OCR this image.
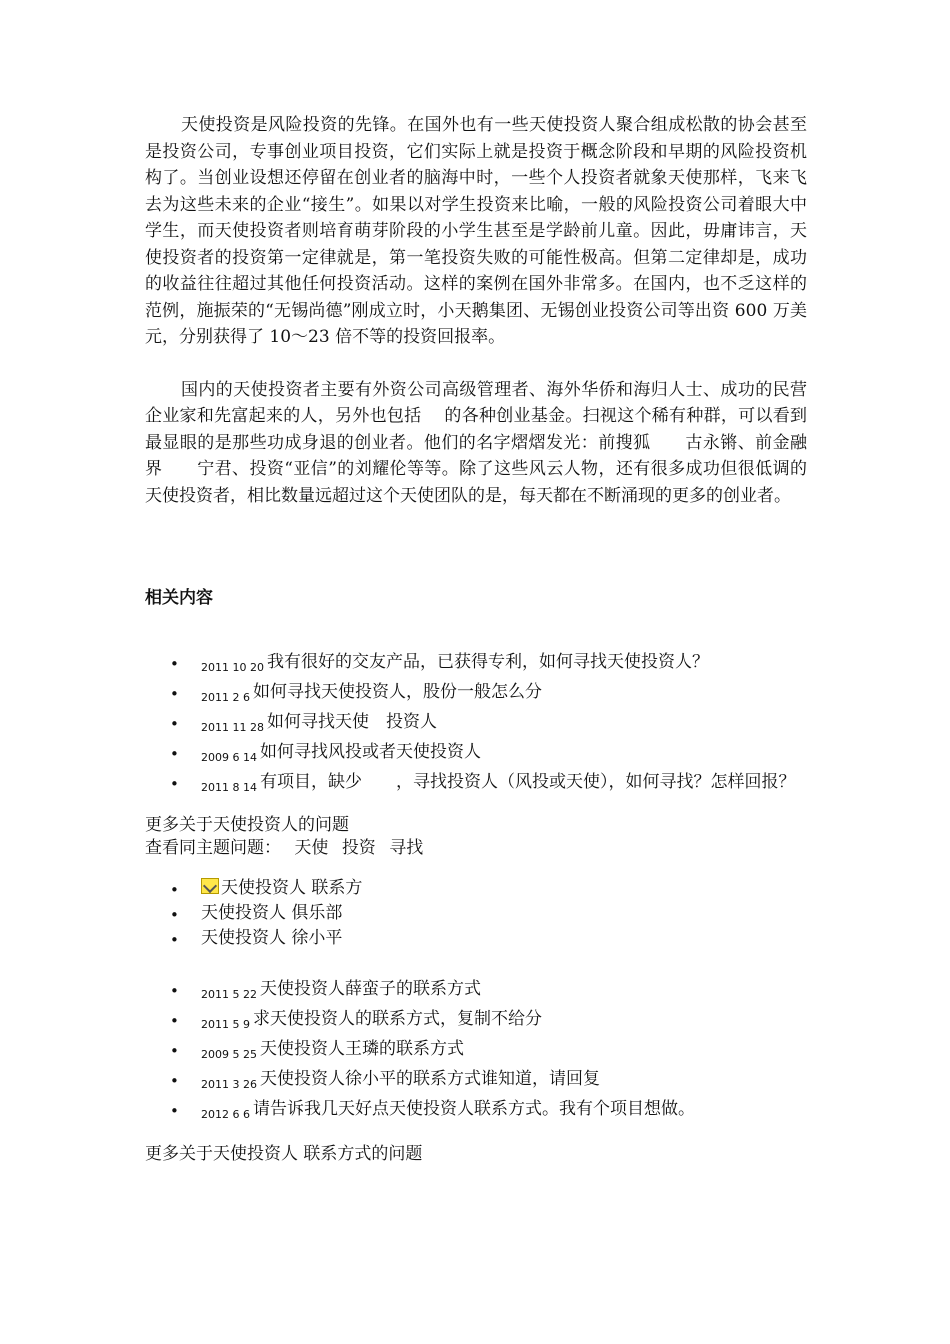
天使投资是风险投资的先锋。在国外也有一些天使投资人聚合组成松散的协会甚至是投资公司，专事创业项目投资，它们实际上就是投资于概念阶段和早期的风险投资机构了。当创业设想还停留在创业者的脑海中时，一些个人投资者就象天使那样，飞来飞去为这些未来的企业“接生”。如果以对学生投资来比喻，一般的风险投资公司着眼大中学生，而天使投资者则培育萌芽阶段的小学生甚至是学龄前儿童。因此，毋庸讳言，天使投资者的投资第一定律就是，第一笔投资失败的可能性极高。但第二定律却是，成功的收益往往超过其他任何投资活动。这样的案例在国外非常多。在国内，也不乏这样的范例，施振荣的“无锡尚德”刚成立时，小天鹅集团、无锡创业投资公司等出资 600 万美元，分别获得了 10～23 倍不等的投资回报率。

国内的天使投资者主要有外资公司高级管理者、海外华侨和海归人士、成功的民营企业家和先富起来的人，另外也包括　 的各种创业基金。扫视这个稀有种群，可以看到最显眼的是那些功成身退的创业者。他们的名字熠熠发光：前搜狐　　古永锵、前金融界　　宁君、投资“亚信”的刘耀伦等等。除了这些风云人物，还有很多成功但很低调的天使投资者，相比数量远超过这个天使团队的是，每天都在不断涌现的更多的创业者。

相关内容
• $_{2011 10 20}$ 我有很好的交友产品，已获得专利，如何寻找天使投资人？
• $_{2011 2 6}$ 如何寻找天使投资人，股份一般怎么分
• $_{2011 11 28}$ 如何寻找天使　投资人
• $_{2009 6 14}$ 如何寻找风投或者天使投资人
• $_{2011 8 14}$ 有项目，缺少　　，寻找投资人（风投或天使），如何寻找？怎样回报？
更多关于天使投资人的问题
查看同主题问题： 天使 投资 寻找
• 天使投资人 联系方
• 天使投资人 俱乐部
• 天使投资人 徐小平
• $_{2011 5 22}$ 天使投资人薛蛮子的联系方式
• $_{2011 5 9}$ 求天使投资人的联系方式，复制不给分
• $_{2009 5 25}$ 天使投资人王璘的联系方式
• $_{2011 3 26}$ 天使投资人徐小平的联系方式谁知道，请回复
• $_{2012 6 6}$ 请告诉我几天好点天使投资人联系方式。我有个项目想做。
更多关于天使投资人 联系方式的问题
